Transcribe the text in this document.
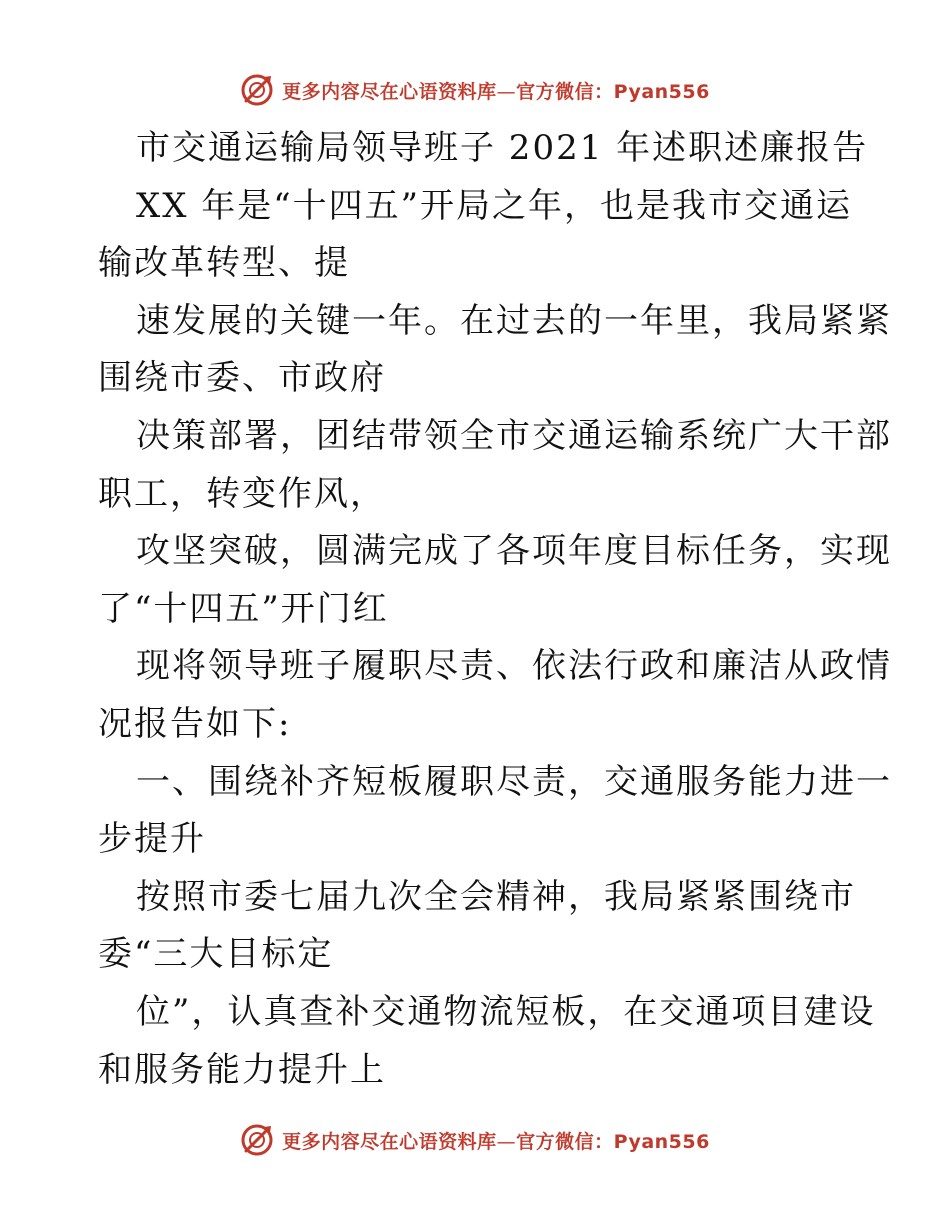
更多内容尽在心语资料库—官方微信：Pyan556
市交通运输局领导班子 2021 年述职述廉报告
XX 年是“十四五”开局之年，也是我市交通运
输改革转型、提
速发展的关键一年。在过去的一年里，我局紧紧
围绕市委、市政府
决策部署，团结带领全市交通运输系统广大干部
职工，转变作风，
攻坚突破，圆满完成了各项年度目标任务，实现
了“十四五”开门红
现将领导班子履职尽责、依法行政和廉洁从政情
况报告如下:
一、围绕补齐短板履职尽责，交通服务能力进一
步提升
按照市委七届九次全会精神，我局紧紧围绕市
委“三大目标定
位”，认真查补交通物流短板，在交通项目建设
和服务能力提升上
更多内容尽在心语资料库—官方微信：Pyan556
